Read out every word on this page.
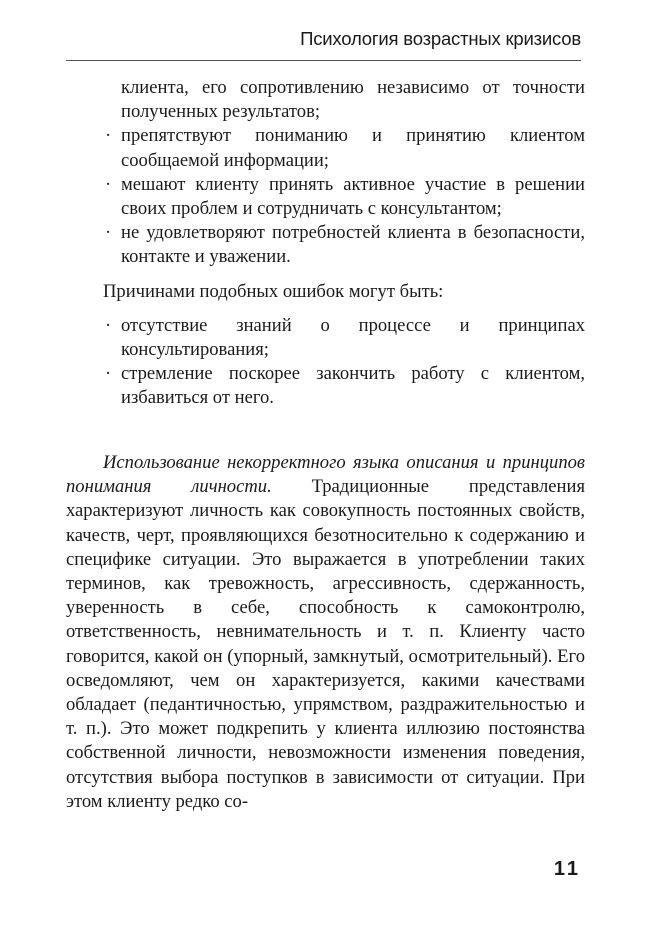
Психология возрастных кризисов
клиента, его сопротивлению независимо от точности полученных результатов;
· препятствуют пониманию и принятию клиентом сообщаемой информации;
· мешают клиенту принять активное участие в решении своих проблем и сотрудничать с консультантом;
· не удовлетворяют потребностей клиента в безопасности, контакте и уважении.
Причинами подобных ошибок могут быть:
· отсутствие знаний о процессе и принципах консультирования;
· стремление поскорее закончить работу с клиентом, избавиться от него.
Использование некорректного языка описания и принципов понимания личности. Традиционные представления характеризуют личность как совокупность постоянных свойств, качеств, черт, проявляющихся безотносительно к содержанию и специфике ситуации. Это выражается в употреблении таких терминов, как тревожность, агрессивность, сдержанность, уверенность в себе, способность к самоконтролю, ответственность, невнимательность и т. п. Клиенту часто говорится, какой он (упорный, замкнутый, осмотрительный). Его осведомляют, чем он характеризуется, какими качествами обладает (педантичностью, упрямством, раздражительностью и т. п.). Это может подкрепить у клиента иллюзию постоянства собственной личности, невозможности изменения поведения, отсутствия выбора поступков в зависимости от ситуации. При этом клиенту редко со-
11
